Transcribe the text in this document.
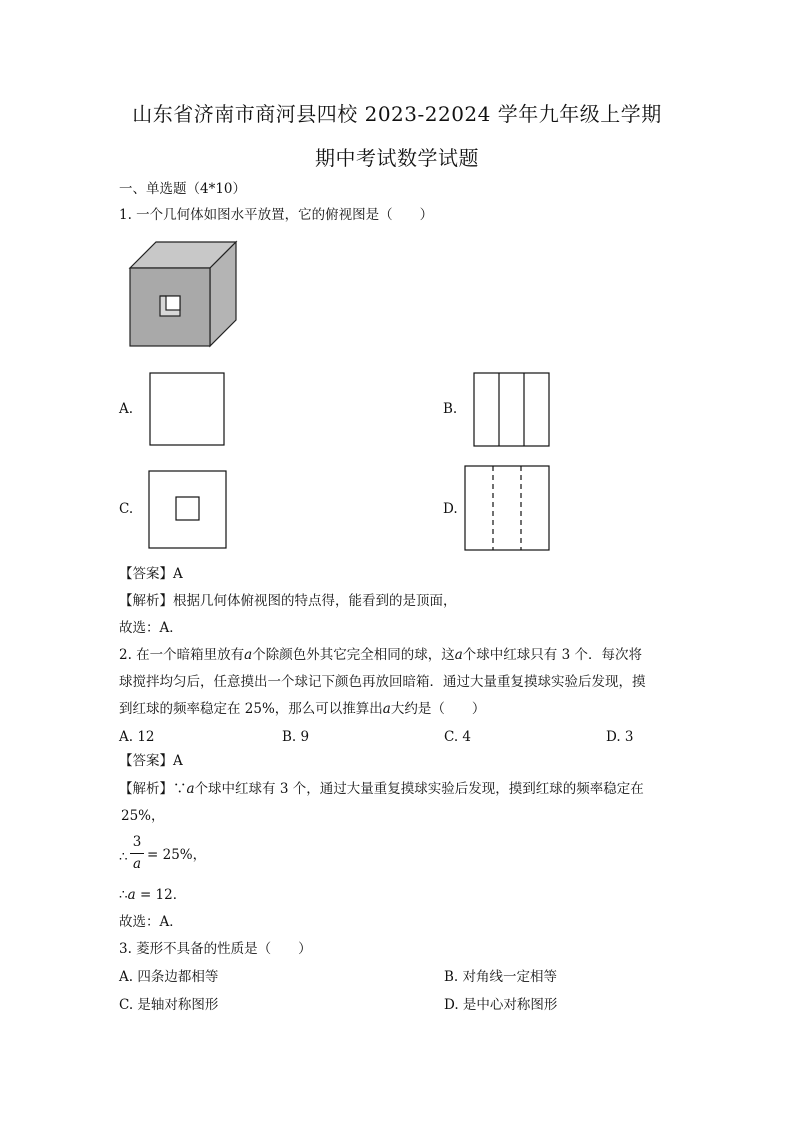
山东省济南市商河县四校 2023-22024 学年九年级上学期
期中考试数学试题
一、单选题（4*10）
1. 一个几何体如图水平放置，它的俯视图是（　　）
A.	B.
C.	D.
【答案】A
【解析】根据几何体俯视图的特点得，能看到的是顶面，
故选：A．
2. 在一个暗箱里放有a个除颜色外其它完全相同的球，这a个球中红球只有 3 个．每次将
球搅拌均匀后，任意摸出一个球记下颜色再放回暗箱．通过大量重复摸球实验后发现，摸
到红球的频率稳定在 25%，那么可以推算出a大约是（　　）
A. 12	B. 9	C. 4	D. 3
【答案】A
【解析】∵a个球中红球有 3 个，通过大量重复摸球实验后发现，摸到红球的频率稳定在
25%，
∴
3
a
= 25%，
∴a = 12．
故选：A．
3. 菱形不具备的性质是（　　）
A. 四条边都相等	B. 对角线一定相等
C. 是轴对称图形	D. 是中心对称图形
